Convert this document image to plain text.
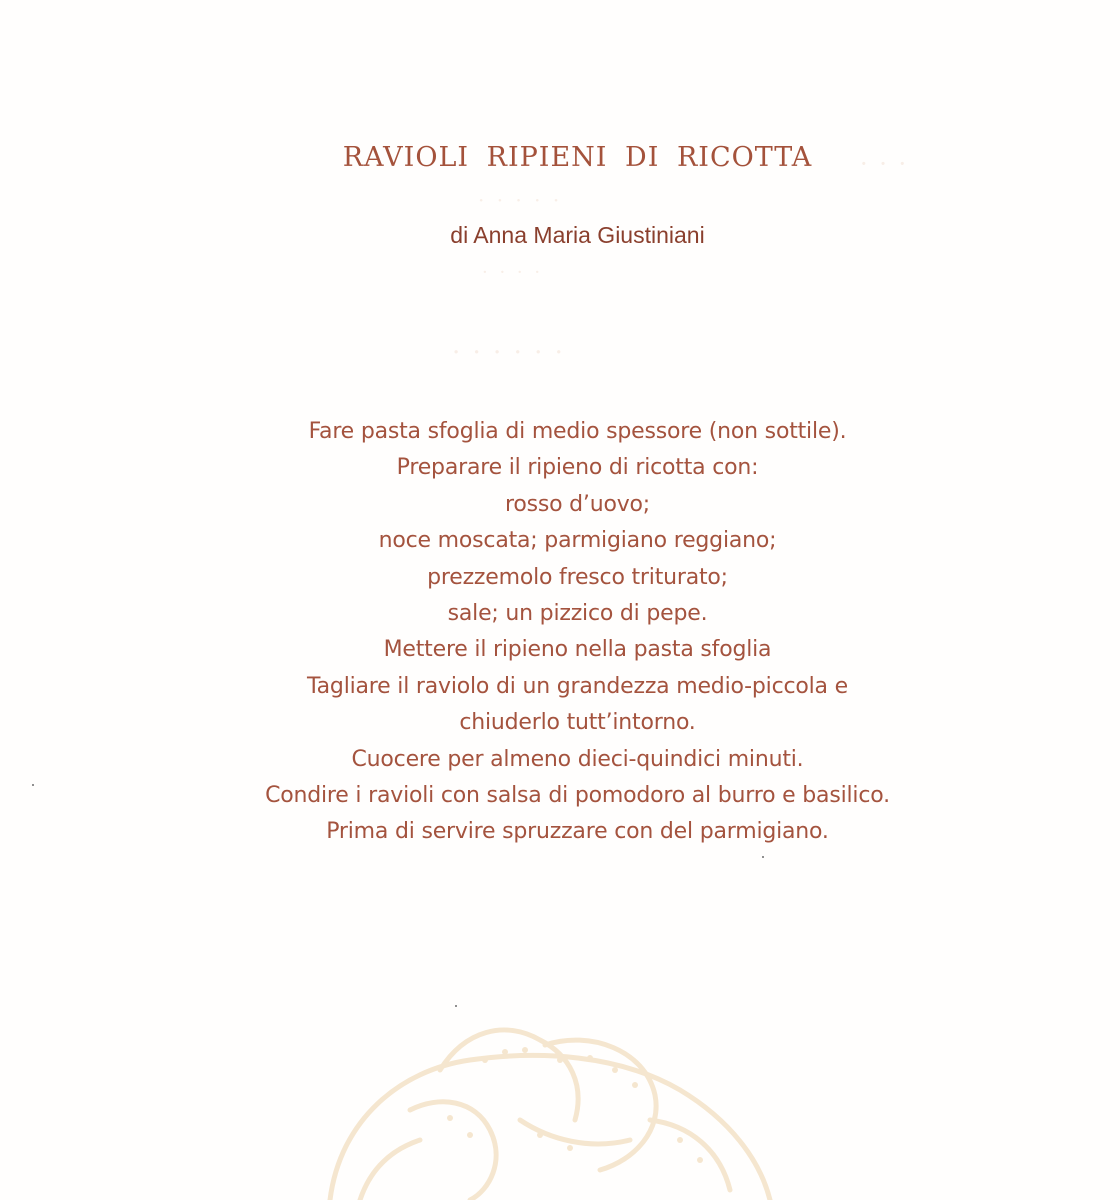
· · ·
· · · · ·
· · · ·
· · · · · ·
RAVIOLI RIPIENI DI RICOTTA

di Anna Maria Giustiniani

Fare pasta sfoglia di medio spessore (non sottile).
Preparare il ripieno di ricotta con:
rosso d’uovo;
noce moscata; parmigiano reggiano;
prezzemolo fresco triturato;
sale; un pizzico di pepe.
Mettere il ripieno nella pasta sfoglia
Tagliare il raviolo di un grandezza medio-piccola e
chiuderlo tutt’intorno.
Cuocere per almeno dieci-quindici minuti.
Condire i ravioli con salsa di pomodoro al burro e basilico.
Prima di servire spruzzare con del parmigiano.
